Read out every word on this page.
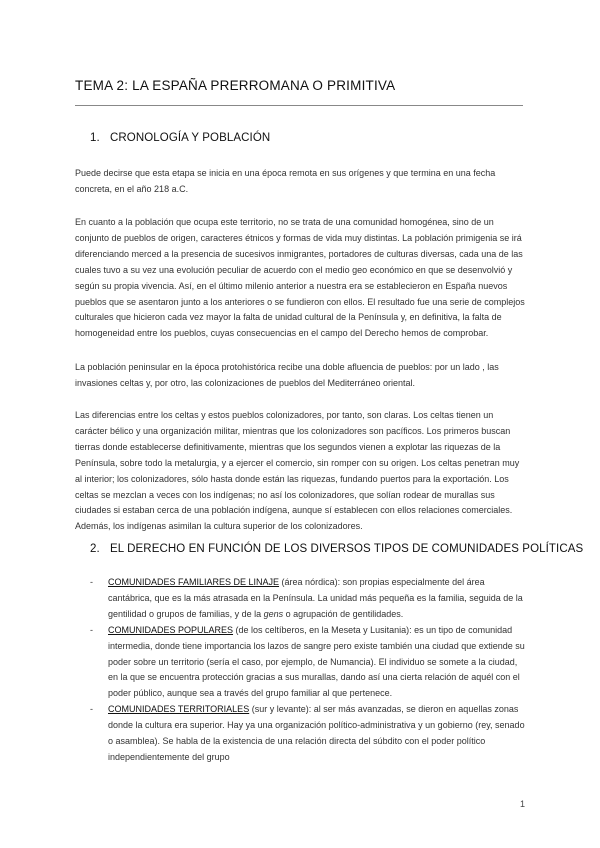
TEMA 2: LA ESPAÑA PRERROMANA O PRIMITIVA
1. CRONOLOGÍA Y POBLACIÓN
Puede decirse que esta etapa se inicia en una época remota en sus orígenes y que termina en una fecha concreta, en el año 218 a.C.
En cuanto a la población que ocupa este territorio, no se trata de una comunidad homogénea, sino de un conjunto de pueblos de origen, caracteres étnicos y formas de vida muy distintas. La población primigenia se irá diferenciando merced a la presencia de sucesivos inmigrantes, portadores de culturas diversas, cada una de las cuales tuvo a su vez una evolución peculiar de acuerdo con el medio geo económico en que se desenvolvió y según su propia vivencia. Así, en el último milenio anterior a nuestra era se establecieron en España nuevos pueblos que se asentaron junto a los anteriores o se fundieron con ellos. El resultado fue una serie de complejos culturales que hicieron cada vez mayor la falta de unidad cultural de la Península y, en definitiva, la falta de homogeneidad entre los pueblos, cuyas consecuencias en el campo del Derecho hemos de comprobar.
La población peninsular en la época protohistórica recibe una doble afluencia de pueblos: por un lado , las invasiones celtas y, por otro, las colonizaciones de pueblos del Mediterráneo oriental.
Las diferencias entre los celtas y estos pueblos colonizadores, por tanto, son claras. Los celtas tienen un carácter bélico y una organización militar, mientras que los colonizadores son pacíficos. Los primeros buscan tierras donde establecerse definitivamente, mientras que los segundos vienen a explotar las riquezas de la Península, sobre todo la metalurgia, y a ejercer el comercio, sin romper con su origen. Los celtas penetran muy al interior; los colonizadores, sólo hasta donde están las riquezas, fundando puertos para la exportación. Los celtas se mezclan a veces con los indígenas; no así los colonizadores, que solían rodear de murallas sus ciudades si estaban cerca de una población indígena, aunque sí establecen con ellos relaciones comerciales. Además, los indígenas asimilan la cultura superior de los colonizadores.
2. EL DERECHO EN FUNCIÓN DE LOS DIVERSOS TIPOS DE COMUNIDADES POLÍTICAS
- COMUNIDADES FAMILIARES DE LINAJE (área nórdica): son propias especialmente del área cantábrica, que es la más atrasada en la Península. La unidad más pequeña es la familia, seguida de la gentilidad o grupos de familias, y de la gens o agrupación de gentilidades.
- COMUNIDADES POPULARES (de los celtíberos, en la Meseta y Lusitania): es un tipo de comunidad intermedia, donde tiene importancia los lazos de sangre pero existe también una ciudad que extiende su poder sobre un territorio (sería el caso, por ejemplo, de Numancia). El individuo se somete a la ciudad, en la que se encuentra protección gracias a sus murallas, dando así una cierta relación de aquél con el poder público, aunque sea a través del grupo familiar al que pertenece.
- COMUNIDADES TERRITORIALES (sur y levante): al ser más avanzadas, se dieron en aquellas zonas donde la cultura era superior. Hay ya una organización político-administrativa y un gobierno (rey, senado o asamblea). Se habla de la existencia de una relación directa del súbdito con el poder político independientemente del grupo
1
